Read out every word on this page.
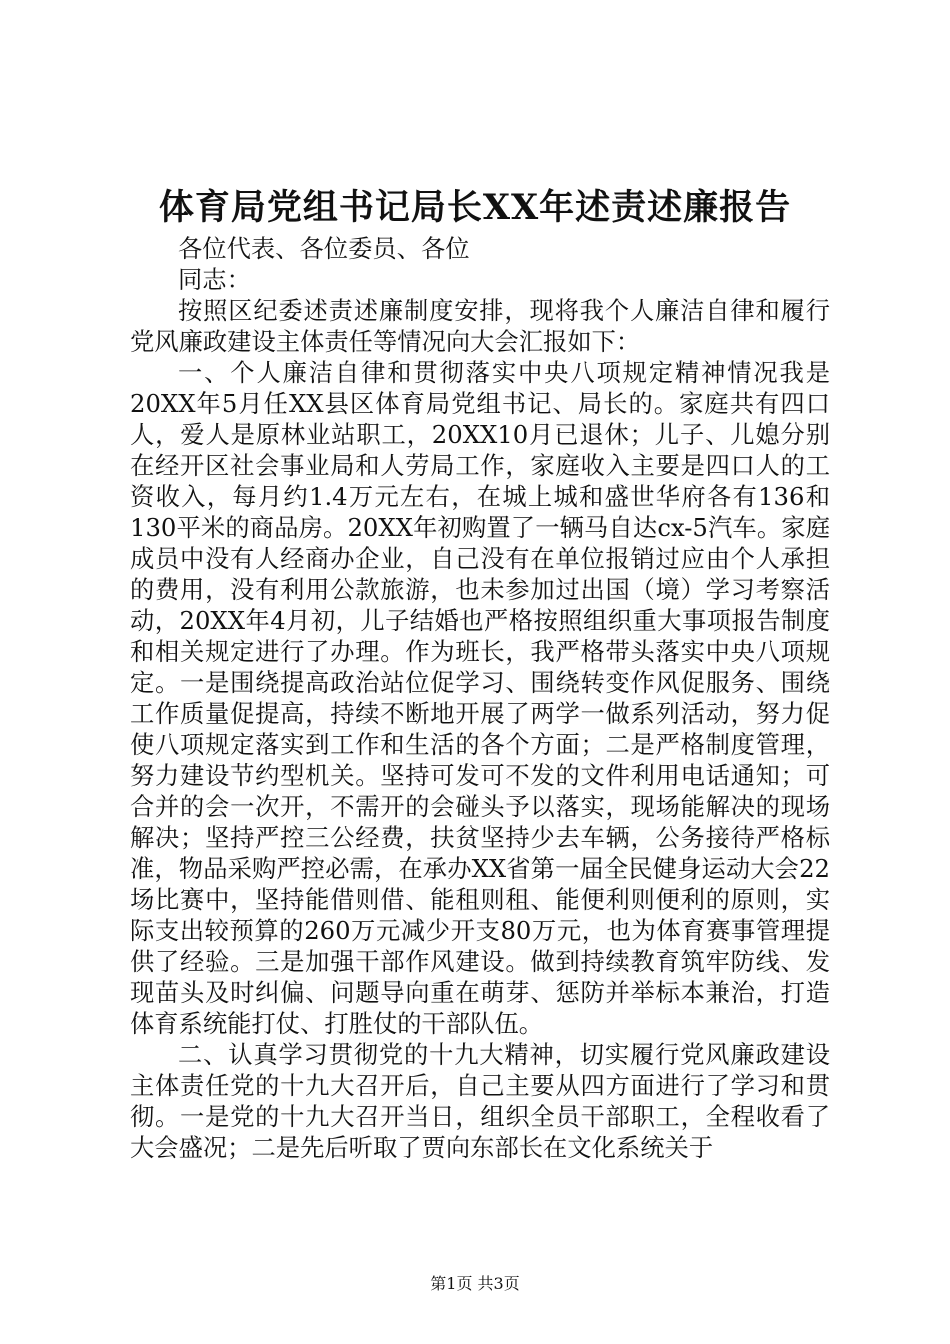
体育局党组书记局长XX年述责述廉报告

各位代表、各位委员、各位

同志：

按照区纪委述责述廉制度安排，现将我个人廉洁自律和履行党风廉政建设主体责任等情况向大会汇报如下：

一、个人廉洁自律和贯彻落实中央八项规定精神情况我是20XX年5月任XX县区体育局党组书记、局长的。家庭共有四口人，爱人是原林业站职工，20XX10月已退休；儿子、儿媳分别在经开区社会事业局和人劳局工作，家庭收入主要是四口人的工资收入，每月约1.4万元左右，在城上城和盛世华府各有136和130平米的商品房。20XX年初购置了一辆马自达cx-5汽车。家庭成员中没有人经商办企业，自己没有在单位报销过应由个人承担的费用，没有利用公款旅游，也未参加过出国（境）学习考察活动，20XX年4月初，儿子结婚也严格按照组织重大事项报告制度和相关规定进行了办理。作为班长，我严格带头落实中央八项规定。一是围绕提高政治站位促学习、围绕转变作风促服务、围绕工作质量促提高，持续不断地开展了两学一做系列活动，努力促使八项规定落实到工作和生活的各个方面；二是严格制度管理，努力建设节约型机关。坚持可发可不发的文件利用电话通知；可合并的会一次开，不需开的会碰头予以落实，现场能解决的现场解决；坚持严控三公经费，扶贫坚持少去车辆，公务接待严格标准，物品采购严控必需，在承办XX省第一届全民健身运动大会22场比赛中，坚持能借则借、能租则租、能便利则便利的原则，实际支出较预算的260万元减少开支80万元，也为体育赛事管理提供了经验。三是加强干部作风建设。做到持续教育筑牢防线、发现苗头及时纠偏、问题导向重在萌芽、惩防并举标本兼治，打造体育系统能打仗、打胜仗的干部队伍。

二、认真学习贯彻党的十九大精神，切实履行党风廉政建设主体责任党的十九大召开后，自己主要从四方面进行了学习和贯彻。一是党的十九大召开当日，组织全员干部职工，全程收看了大会盛况；二是先后听取了贾向东部长在文化系统关于

第1页 共3页
